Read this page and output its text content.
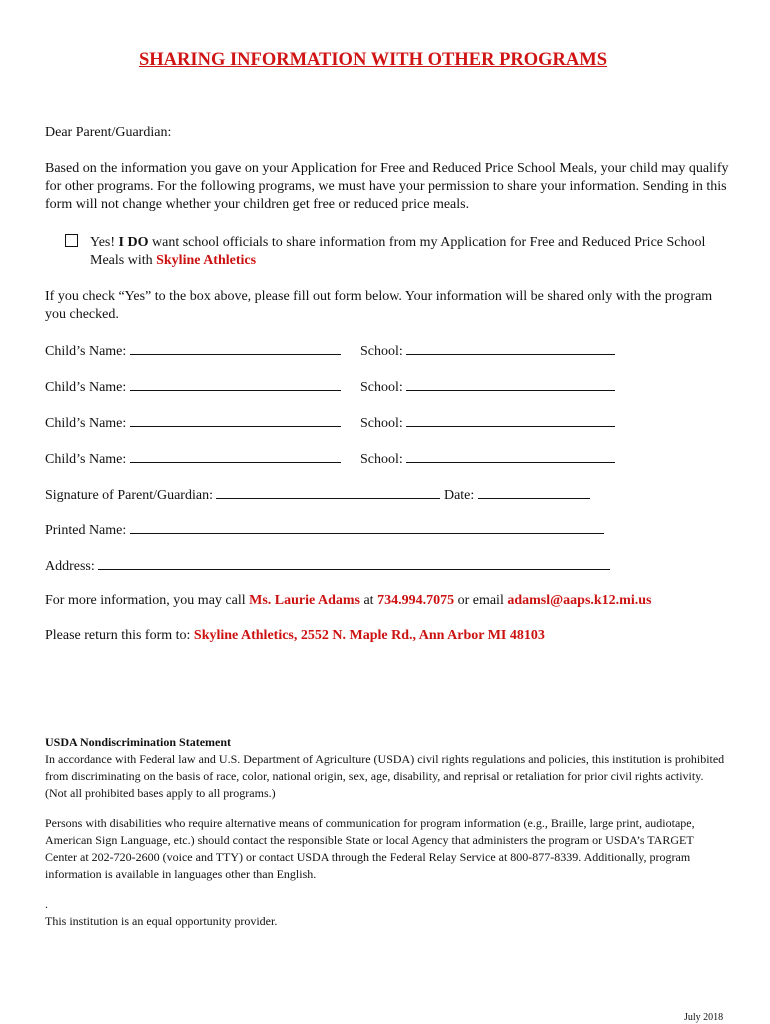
SHARING INFORMATION WITH OTHER PROGRAMS
Dear Parent/Guardian:
Based on the information you gave on your Application for Free and Reduced Price School Meals, your child may qualify for other programs. For the following programs, we must have your permission to share your information. Sending in this form will not change whether your children get free or reduced price meals.
Yes! I DO want school officials to share information from my Application for Free and Reduced Price School Meals with Skyline Athletics
If you check “Yes” to the box above, please fill out form below. Your information will be shared only with the program you checked.
Child’s Name:	School:
Child’s Name:	School:
Child’s Name:	School:
Child’s Name:	School:
Signature of Parent/Guardian:	Date:
Printed Name:
Address:
For more information, you may call Ms. Laurie Adams at 734.994.7075 or email adamsl@aaps.k12.mi.us
Please return this form to: Skyline Athletics, 2552 N. Maple Rd., Ann Arbor MI 48103
USDA Nondiscrimination Statement
In accordance with Federal law and U.S. Department of Agriculture (USDA) civil rights regulations and policies, this institution is prohibited from discriminating on the basis of race, color, national origin, sex, age, disability, and reprisal or retaliation for prior civil rights activity. (Not all prohibited bases apply to all programs.)
Persons with disabilities who require alternative means of communication for program information (e.g., Braille, large print, audiotape, American Sign Language, etc.) should contact the responsible State or local Agency that administers the program or USDA’s TARGET Center at 202-720-2600 (voice and TTY) or contact USDA through the Federal Relay Service at 800-877-8339. Additionally, program information is available in languages other than English.
.
This institution is an equal opportunity provider.
July 2018
